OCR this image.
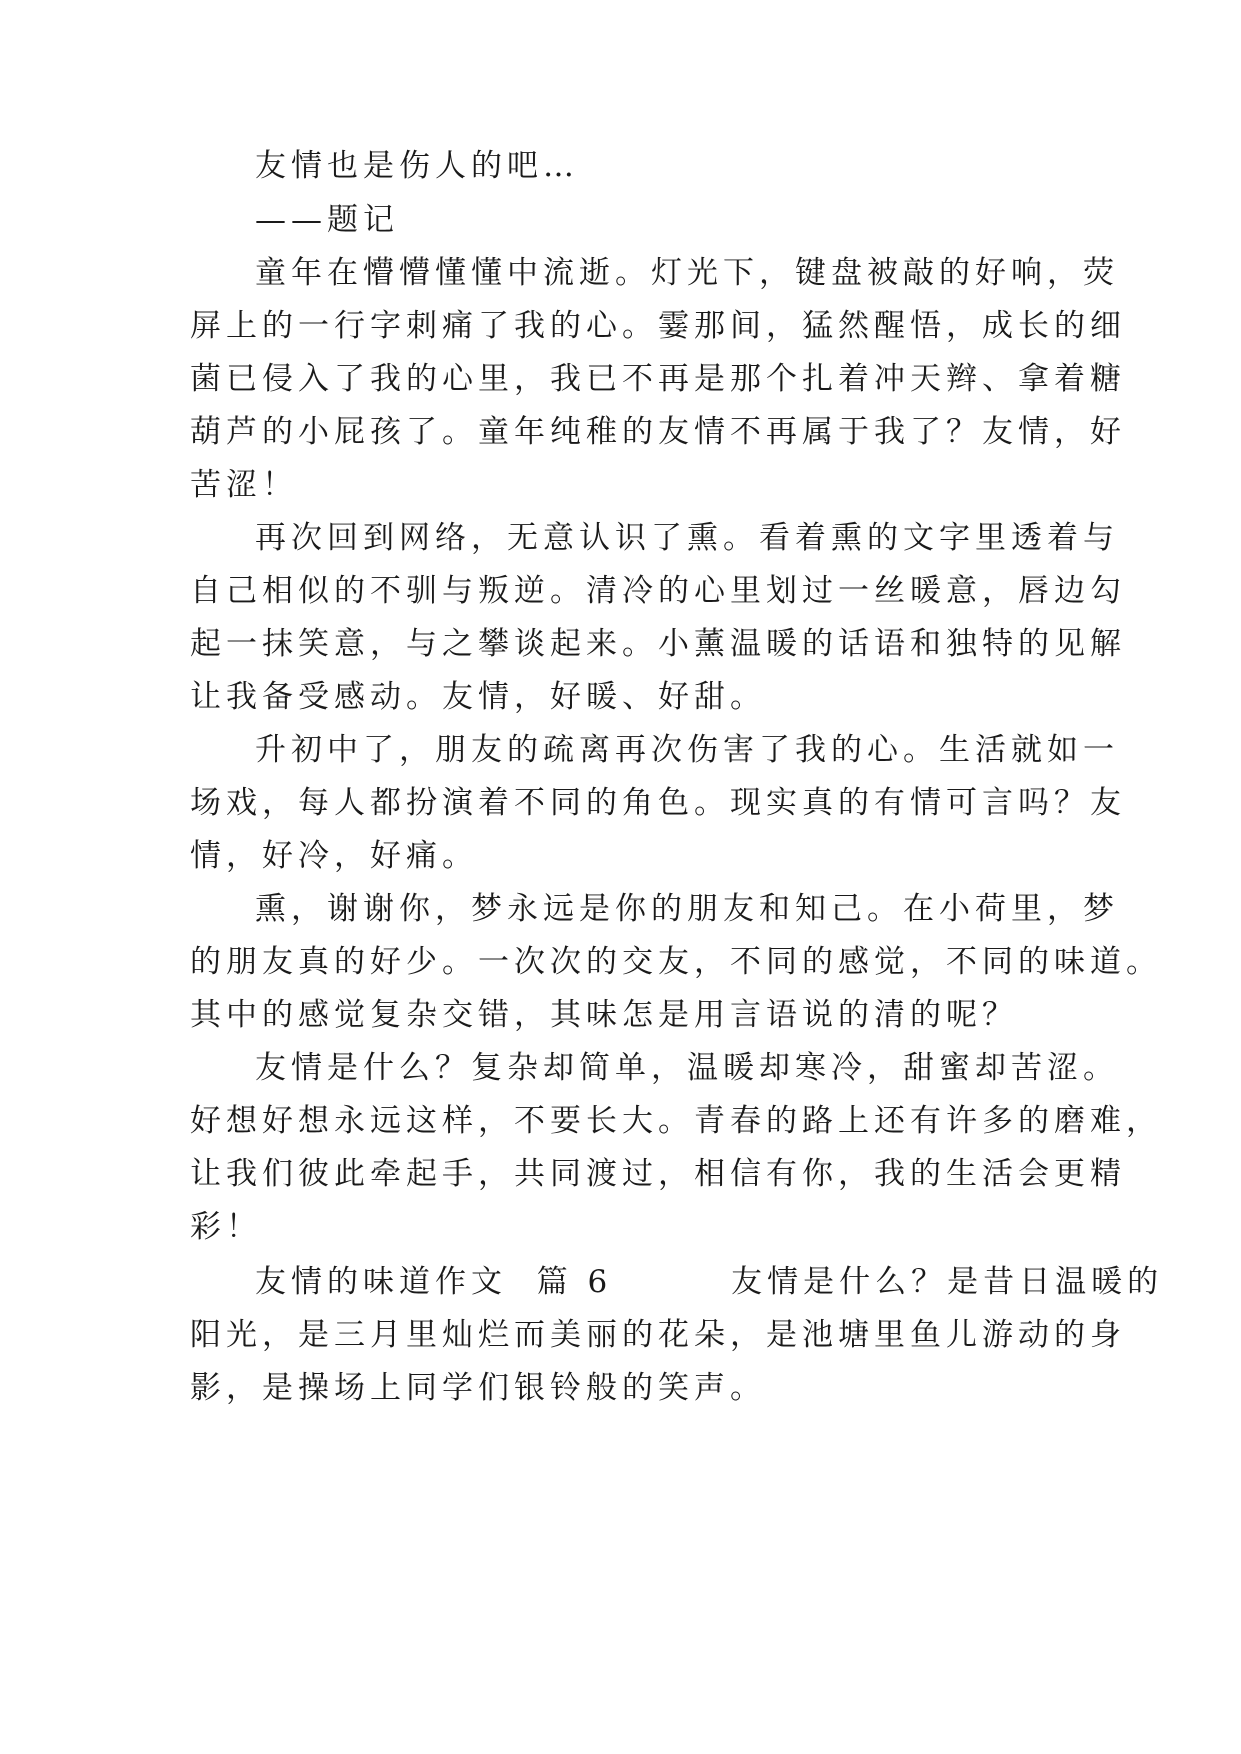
友情也是伤人的吧…
——题记
童年在懵懵懂懂中流逝。灯光下，键盘被敲的好响，荧
屏上的一行字刺痛了我的心。霎那间，猛然醒悟，成长的细
菌已侵入了我的心里，我已不再是那个扎着冲天辫、拿着糖
葫芦的小屁孩了。童年纯稚的友情不再属于我了？友情，好
苦涩！
再次回到网络，无意认识了熏。看着熏的文字里透着与
自己相似的不驯与叛逆。清冷的心里划过一丝暖意，唇边勾
起一抹笑意，与之攀谈起来。小薰温暖的话语和独特的见解
让我备受感动。友情，好暖、好甜。
升初中了，朋友的疏离再次伤害了我的心。生活就如一
场戏，每人都扮演着不同的角色。现实真的有情可言吗？友
情，好冷，好痛。
熏，谢谢你，梦永远是你的朋友和知己。在小荷里，梦
的朋友真的好少。一次次的交友，不同的感觉，不同的味道。
其中的感觉复杂交错，其味怎是用言语说的清的呢？
友情是什么？复杂却简单，温暖却寒冷，甜蜜却苦涩。
好想好想永远这样，不要长大。青春的路上还有许多的磨难，
让我们彼此牵起手，共同渡过，相信有你，我的生活会更精
彩！
友情的味道作文  篇 6        友情是什么？是昔日温暖的
阳光，是三月里灿烂而美丽的花朵，是池塘里鱼儿游动的身
影，是操场上同学们银铃般的笑声。
